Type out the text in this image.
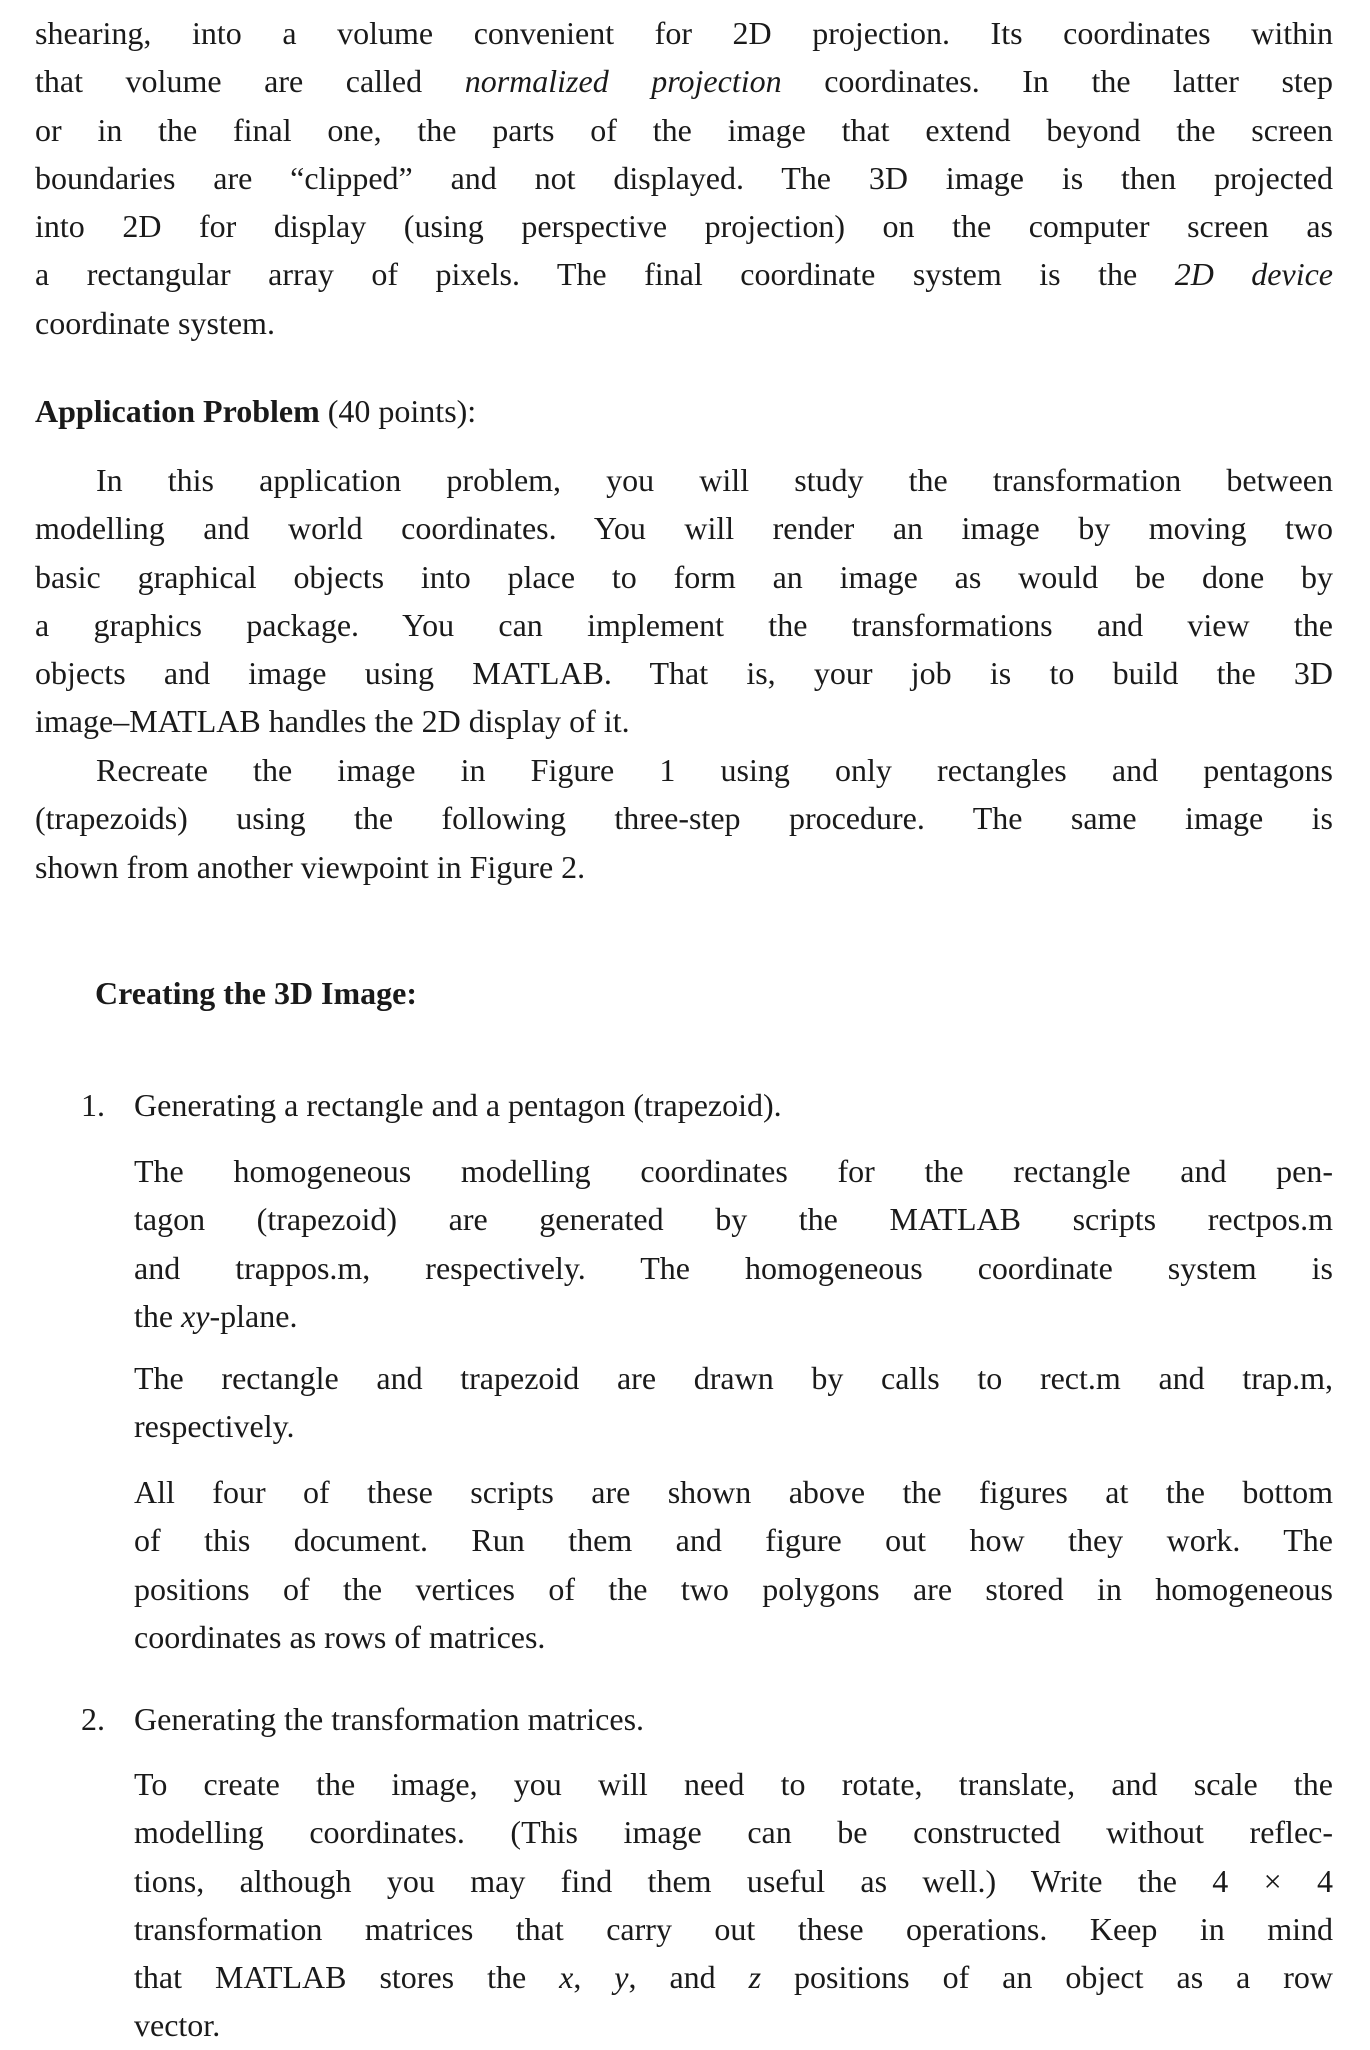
shearing, into a volume convenient for 2D projection. Its coordinates within
that volume are called normalized projection coordinates. In the latter step
or in the final one, the parts of the image that extend beyond the screen
boundaries are “clipped” and not displayed. The 3D image is then projected
into 2D for display (using perspective projection) on the computer screen as
a rectangular array of pixels. The final coordinate system is the 2D device
coordinate system.
Application Problem (40 points):
In this application problem, you will study the transformation between
modelling and world coordinates. You will render an image by moving two
basic graphical objects into place to form an image as would be done by
a graphics package. You can implement the transformations and view the
objects and image using MATLAB. That is, your job is to build the 3D
image–MATLAB handles the 2D display of it.
Recreate the image in Figure 1 using only rectangles and pentagons
(trapezoids) using the following three-step procedure. The same image is
shown from another viewpoint in Figure 2.
Creating the 3D Image:
1. Generating a rectangle and a pentagon (trapezoid).
The homogeneous modelling coordinates for the rectangle and pen-
tagon (trapezoid) are generated by the MATLAB scripts rectpos.m
and trappos.m, respectively. The homogeneous coordinate system is
the xy-plane.
The rectangle and trapezoid are drawn by calls to rect.m and trap.m,
respectively.
All four of these scripts are shown above the figures at the bottom
of this document. Run them and figure out how they work. The
positions of the vertices of the two polygons are stored in homogeneous
coordinates as rows of matrices.
2. Generating the transformation matrices.
To create the image, you will need to rotate, translate, and scale the
modelling coordinates. (This image can be constructed without reflec-
tions, although you may find them useful as well.) Write the 4 × 4
transformation matrices that carry out these operations. Keep in mind
that MATLAB stores the x, y, and z positions of an object as a row
vector.
